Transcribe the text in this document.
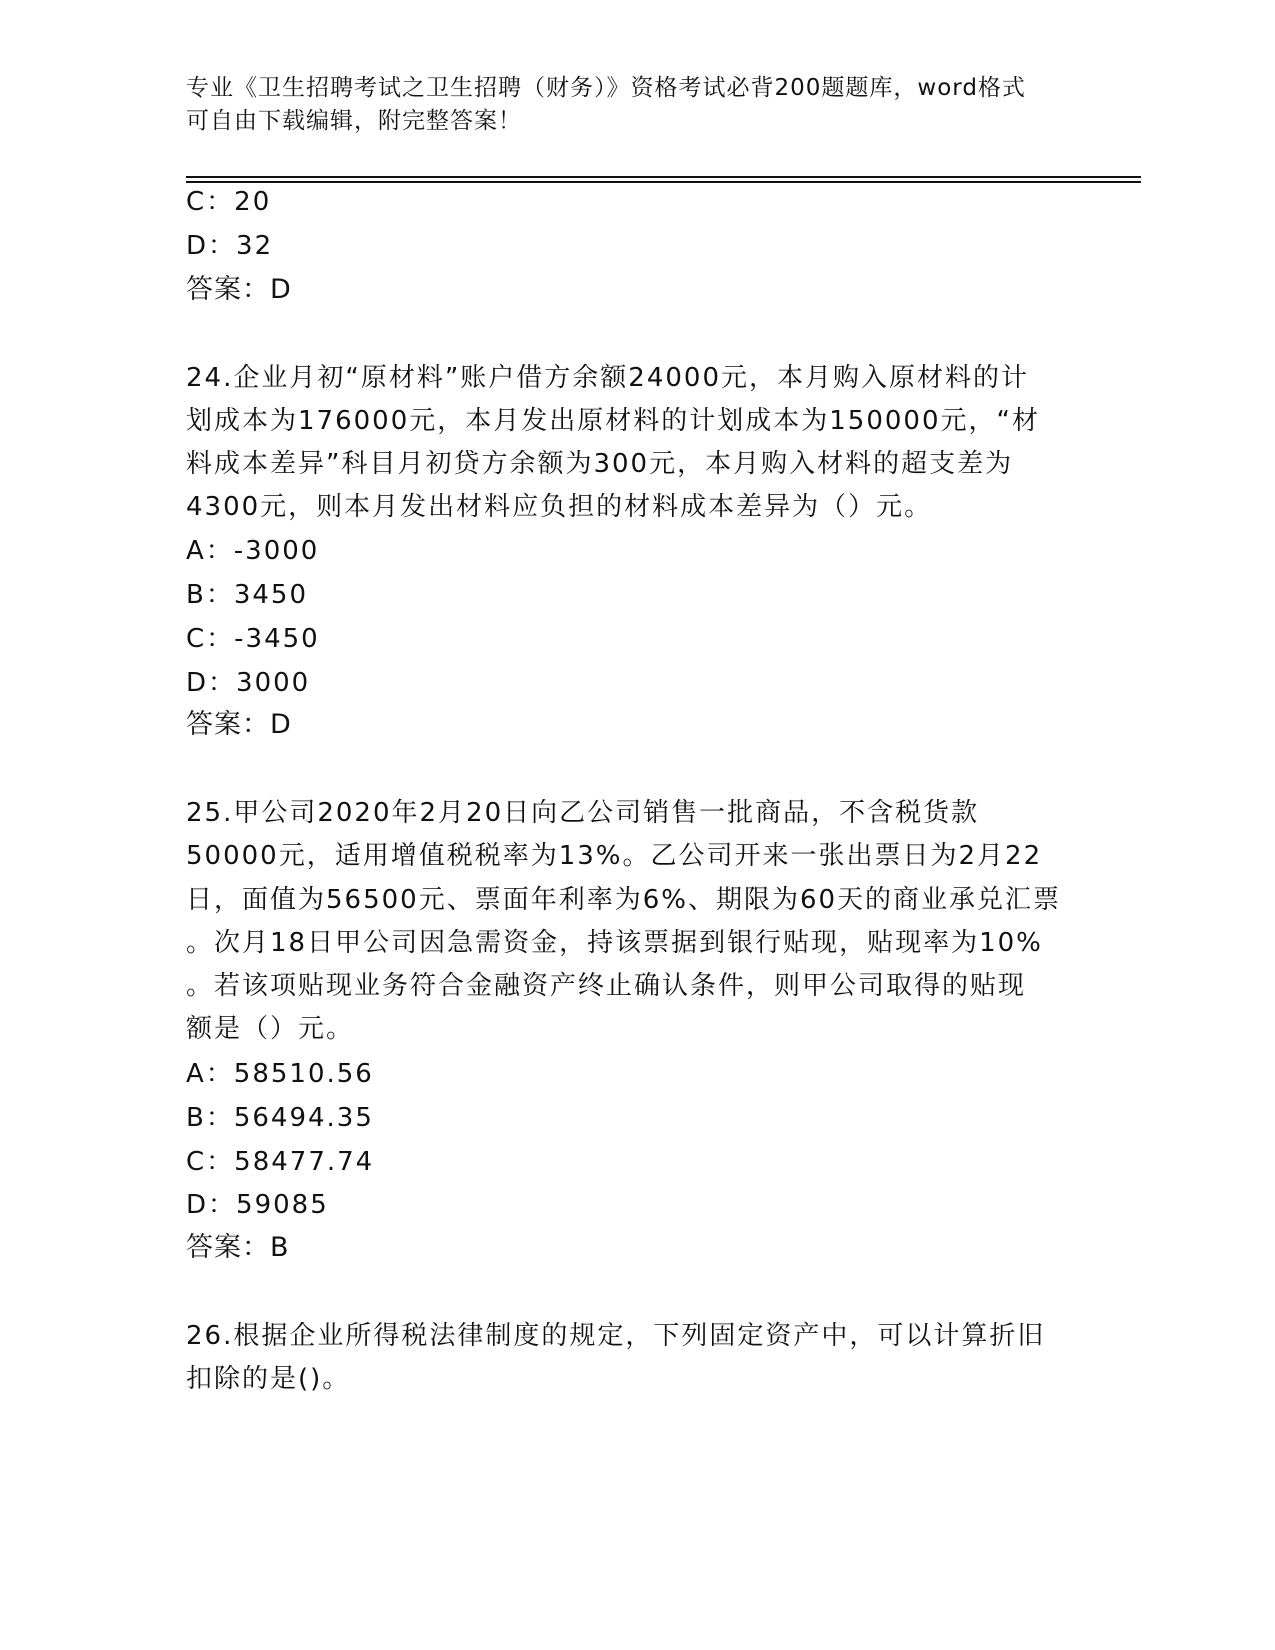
专业《卫生招聘考试之卫生招聘（财务）》资格考试必背200题题库，word格式
可自由下载编辑，附完整答案！
C：20
D：32
答案：D
24.企业月初“原材料”账户借方余额24000元，本月购入原材料的计
划成本为176000元，本月发出原材料的计划成本为150000元，“材
料成本差异”科目月初贷方余额为300元，本月购入材料的超支差为
4300元，则本月发出材料应负担的材料成本差异为（）元。
A：-3000
B：3450
C：-3450
D：3000
答案：D
25.甲公司2020年2月20日向乙公司销售一批商品，不含税货款
50000元，适用增值税税率为13%。乙公司开来一张出票日为2月22
日，面值为56500元、票面年利率为6%、期限为60天的商业承兑汇票
。次月18日甲公司因急需资金，持该票据到银行贴现，贴现率为10%
。若该项贴现业务符合金融资产终止确认条件，则甲公司取得的贴现
额是（）元。
A：58510.56
B：56494.35
C：58477.74
D：59085
答案：B
26.根据企业所得税法律制度的规定，下列固定资产中，可以计算折旧
扣除的是()。
